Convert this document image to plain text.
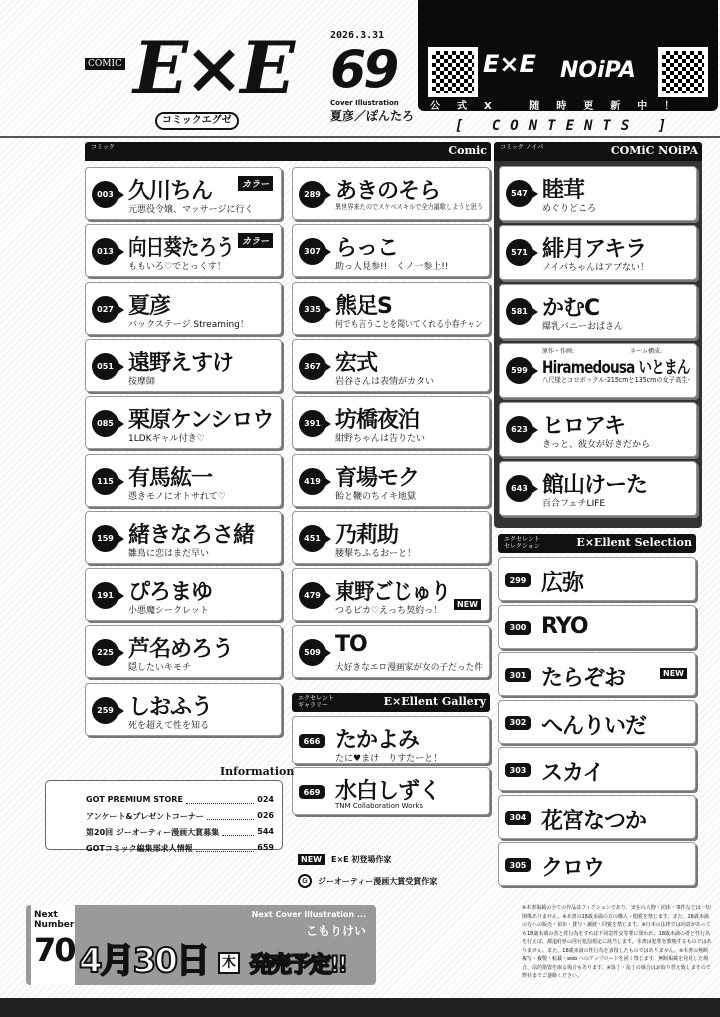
E×E
COMIC
コミックエグゼ
2026.3.31
69
Cover Illustration
夏彦／ぽんたろ
E×E NOiPA
公式X 随時更新中！
[ CONTENTS ]
コミック	Comic コミック ノイパ	COMiC NOiPA
エクセレント ギャラリー	E×Ellent Gallery
エクセレント セレクション	E×Ellent Selection
003 久川ちん
元悪役令嬢、マッサージに行く
カラー
013 向日葵たろう
ももいろ♡でとっくす！
カラー
027 夏彦
バックステージ Streaming！
051 遠野えすけ
按摩師
085 栗原ケンシロウ
1LDKギャル付き♡
115 有馬紘一
憑きモノにオトサれて♡
159 緒きなろさ緒
雛鳥に恋はまだ早い
191 ぴろまゆ
小悪魔シークレット
225 芦名めろう
隠したいキモチ
259 しおふう
死を超えて性を知る
289 あきのそら
異世界来たのでスケベスキルで全力謳歌しようと思う
307 らっこ
助っ人見参!!　くノ一参上!!
335 熊足S
何でも言うことを聞いてくれる小春チャン
367 宏式
岩谷さんは表情がカタい
391 坊橋夜泊
紺野ちゃんは告りたい
419 育場モク
飴と鞭のちイキ地獄
451 乃莉助
腰撃ちふるおーと！
479 東野ごじゅり
つるピカ♡えっち契約っ！
NEW
509 TO
大好きなエロ漫画家が女の子だった件
666 たかよみ
たに♥まけ　りすたーと！
669 水白しずく
TNM Collaboration Works
547 睦茸
めぐりどころ
571 緋月アキラ
ノイパちゃんはアブない！
581 かむC
爆乳バニーおばさん
599
原作・作画:	ネーム構成:
Hiramedousa いとまん
八尺様とコロボックル-215cmと135cmの女子高生-
623 ヒロアキ
きっと、彼女が好きだから
643 館山けーた
百合フェチLIFE
299 広弥
300 RYO
301 たらぞお	NEW
302 へんりいだ
303 スカイ
304 花宮なつか
305 クロウ
Information
GOT PREMIUM STORE	024
アンケート&プレゼントコーナー	026
第20回 ジーオーティー漫画大賞募集	544
GOTコミック編集部求人情報	659
NEW	E×E 初登場作家
G	ジーオーティー漫画大賞受賞作家
Next
Number
70 4月30日 木 発売予定!!
Next Cover Illustration ...
こもりけい
※本書掲載の全ての作品はフィクションであり、実在の人物・団体・事件などは一切関係ありません。※本書の18歳未満の方の購入・閲覧を禁じます。また、18歳未満の方への販売・領布・貸与・譲渡・回覧を禁じます。※日本の法律では同意があっても18歳未満の者と性行為をすれば不同意性交等罪に問われ、18歳未満の者と性行為を行えば、都道府県の淫行処罰規定に該当します。本書は犯罪を教唆するものではありません。また、18歳未満の性行為を表現したものではありません。※本書の無断複写・複製・転載・web へのアップロードを固く禁じます。無断掲載を発見した場合、法的措置を取る場合もあります。※落丁・乱丁の場合はお取り替え致しますので弊社までご連絡ください。
